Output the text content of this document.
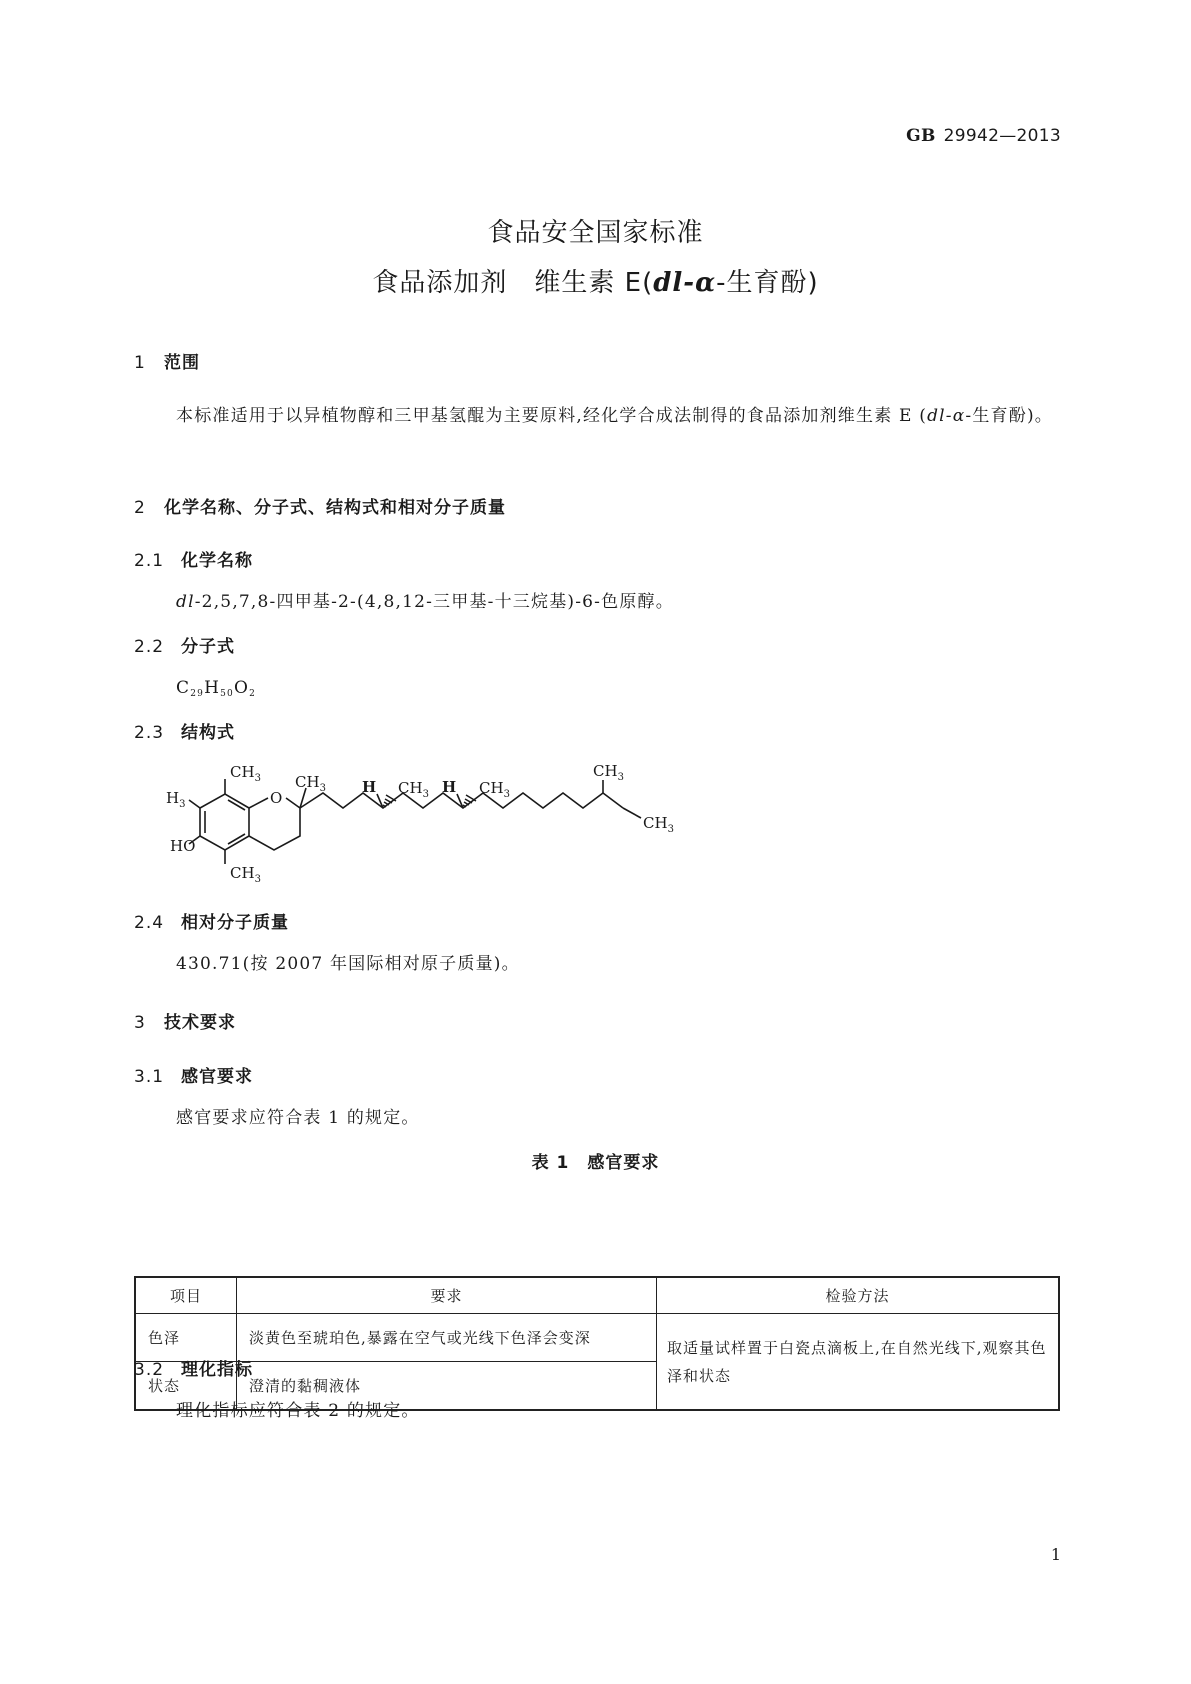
GB 29942—2013
食品安全国家标准
食品添加剂　维生素 E(dl-α-生育酚)
1 范围
本标准适用于以异植物醇和三甲基氢醌为主要原料,经化学合成法制得的食品添加剂维生素 E (dl-α-生育酚)。
2 化学名称、分子式、结构式和相对分子质量
2.1 化学名称
dl-2,5,7,8-四甲基-2-(4,8,12-三甲基-十三烷基)-6-色原醇。
2.2 分子式
$C_{29}H_{50}O_2$
2.3 结构式
$CH_3$
$H_3$
HO
$CH_3$
O
$CH_3$ H $CH_3$ H $CH_3$
$CH_3$
$CH_3$
2.4 相对分子质量
430.71(按 2007 年国际相对原子质量)。
3 技术要求
3.1 感官要求
感官要求应符合表 1 的规定。
表 1　感官要求
项目	要求	检验方法
色泽	淡黄色至琥珀色,暴露在空气或光线下色泽会变深	取适量试样置于白瓷点滴板上,在自然光线下,观察其色泽和状态
状态	澄清的黏稠液体	
3.2 理化指标
理化指标应符合表 2 的规定。
1
